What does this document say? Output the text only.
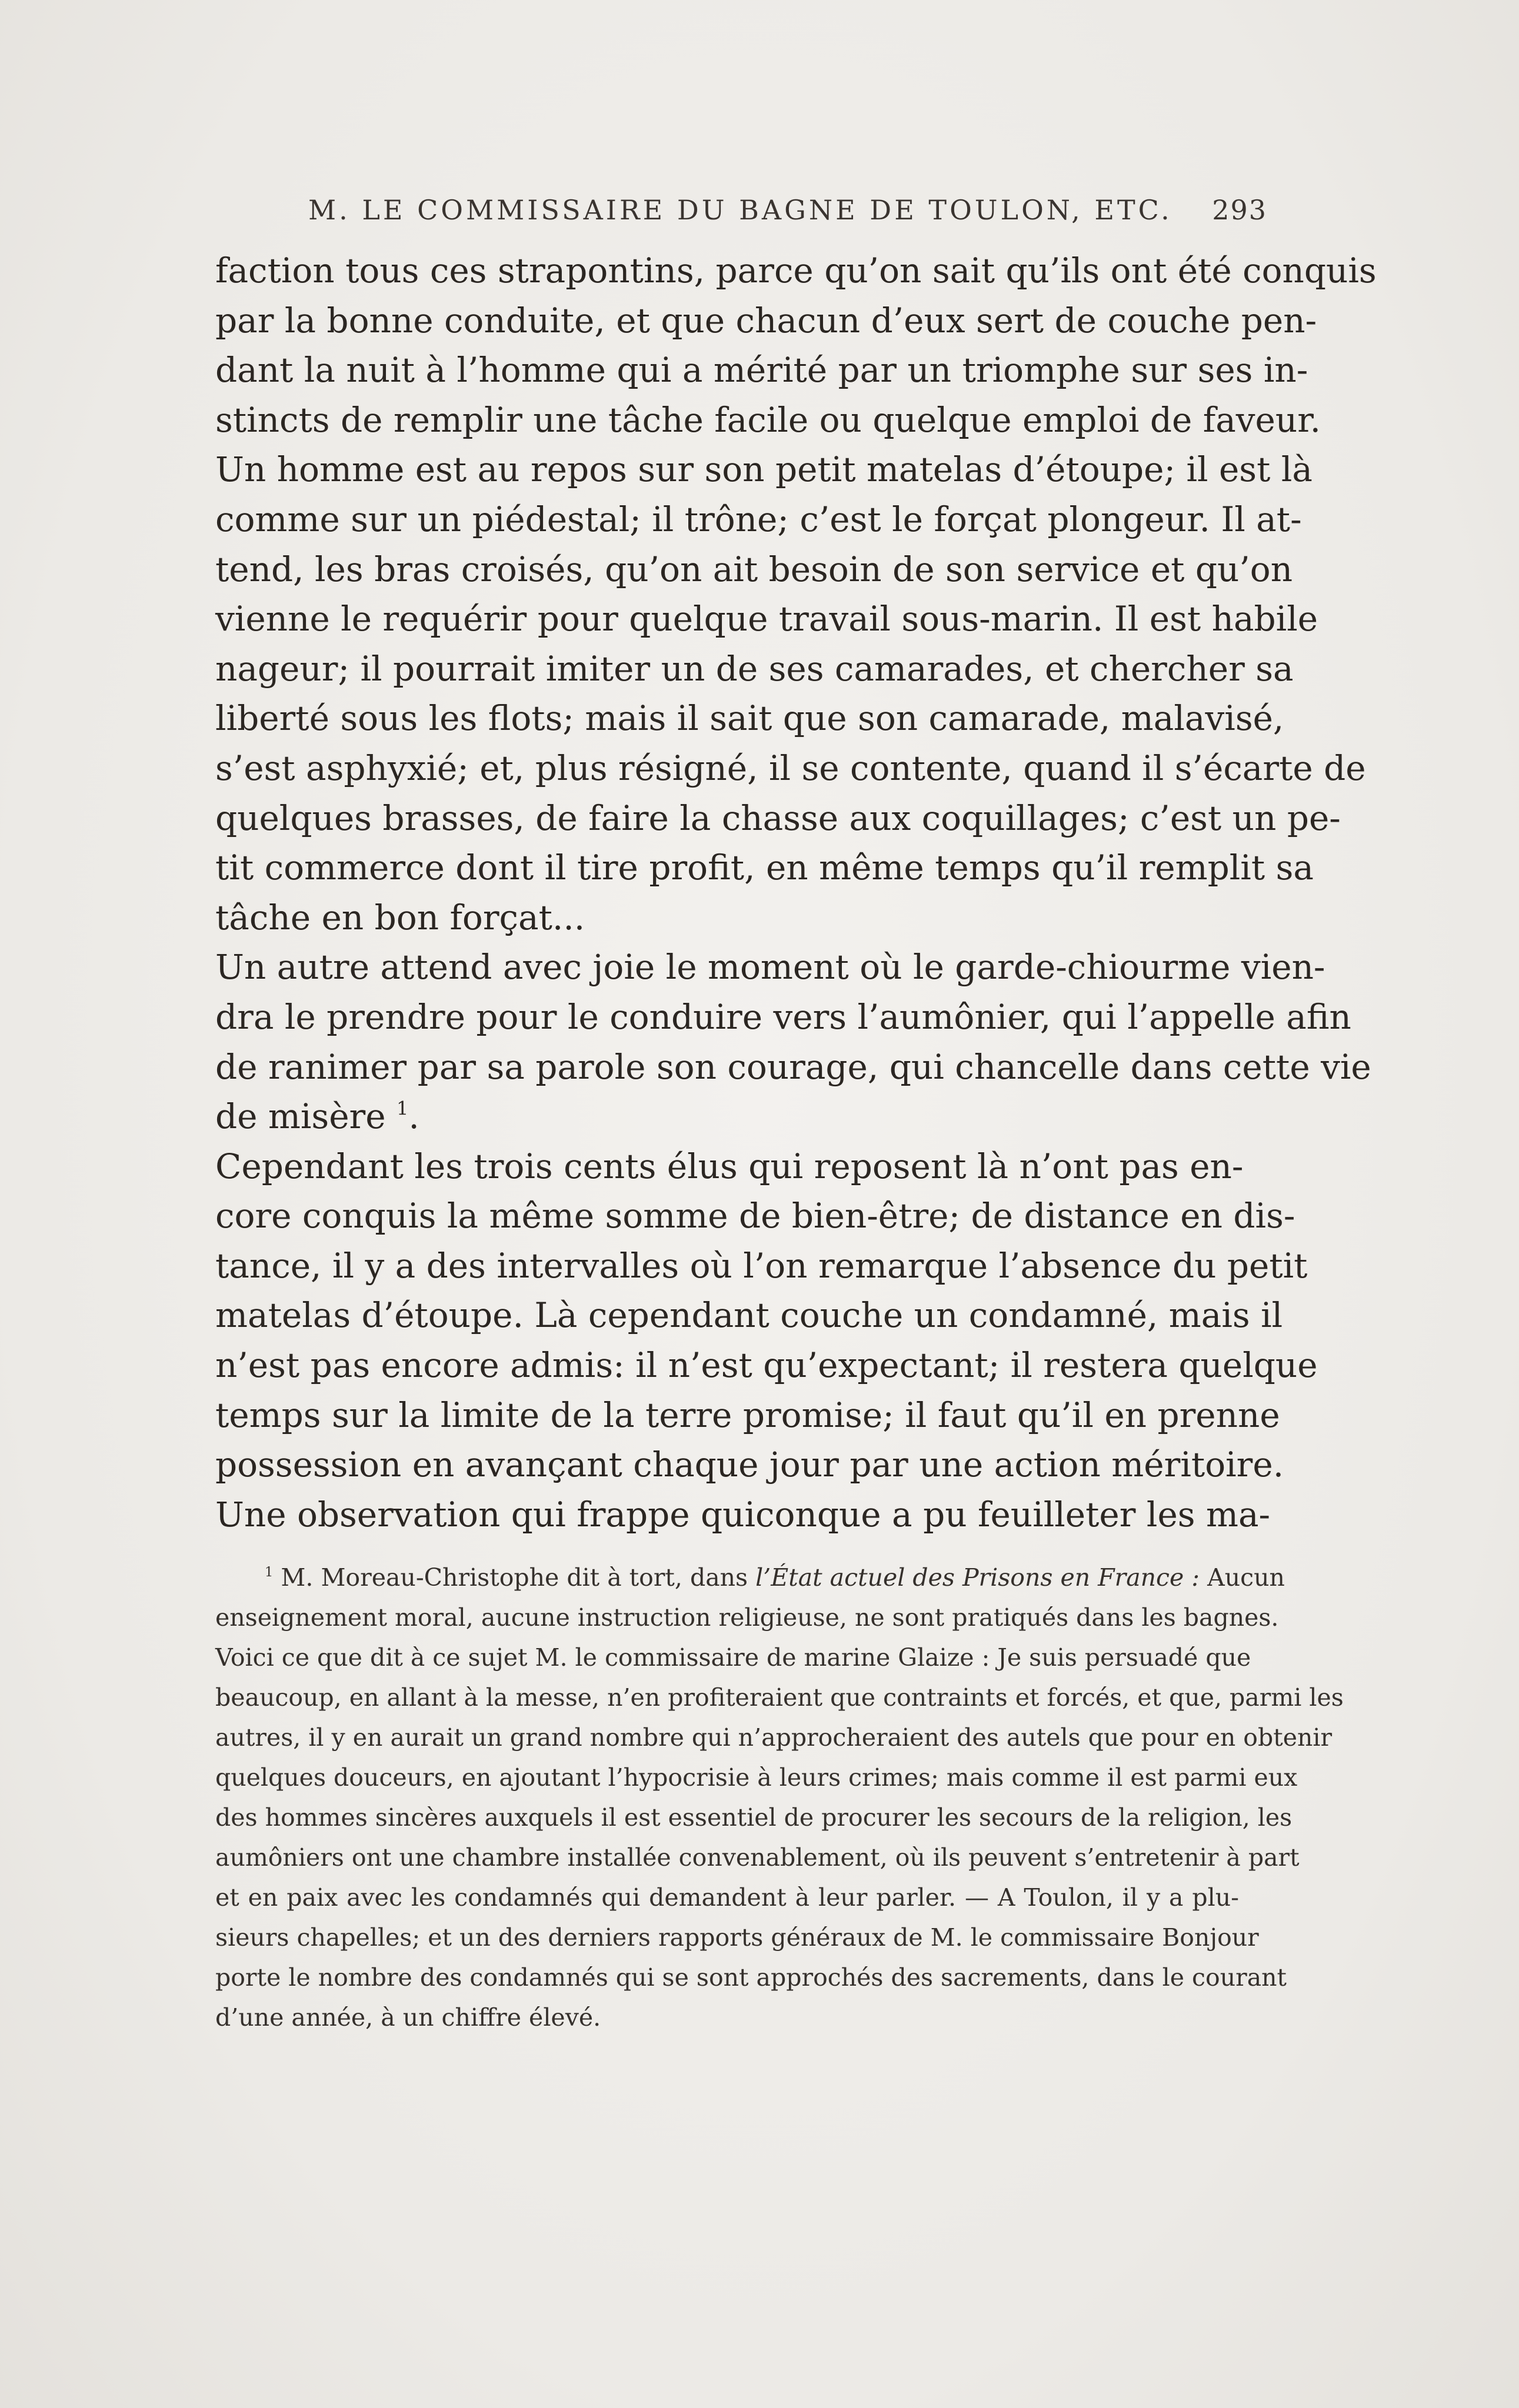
M. LE COMMISSAIRE DU BAGNE DE TOULON, ETC. 293
faction tous ces strapontins, parce qu’on sait qu’ils ont été conquis
par la bonne conduite, et que chacun d’eux sert de couche pen-
dant la nuit à l’homme qui a mérité par un triomphe sur ses in-
stincts de remplir une tâche facile ou quelque emploi de faveur.
Un homme est au repos sur son petit matelas d’étoupe; il est là
comme sur un piédestal; il trône; c’est le forçat plongeur. Il at-
tend, les bras croisés, qu’on ait besoin de son service et qu’on
vienne le requérir pour quelque travail sous-marin. Il est habile
nageur; il pourrait imiter un de ses camarades, et chercher sa
liberté sous les flots; mais il sait que son camarade, malavisé,
s’est asphyxié; et, plus résigné, il se contente, quand il s’écarte de
quelques brasses, de faire la chasse aux coquillages; c’est un pe-
tit commerce dont il tire profit, en même temps qu’il remplit sa
tâche en bon forçat...
Un autre attend avec joie le moment où le garde-chiourme vien-
dra le prendre pour le conduire vers l’aumônier, qui l’appelle afin
de ranimer par sa parole son courage, qui chancelle dans cette vie
de misère $^1$.
Cependant les trois cents élus qui reposent là n’ont pas en-
core conquis la même somme de bien-être; de distance en dis-
tance, il y a des intervalles où l’on remarque l’absence du petit
matelas d’étoupe. Là cependant couche un condamné, mais il
n’est pas encore admis: il n’est qu’expectant; il restera quelque
temps sur la limite de la terre promise; il faut qu’il en prenne
possession en avançant chaque jour par une action méritoire.
Une observation qui frappe quiconque a pu feuilleter les ma-
$^1$ M. Moreau-Christophe dit à tort, dans l’État actuel des Prisons en France : Aucun
enseignement moral, aucune instruction religieuse, ne sont pratiqués dans les bagnes.
Voici ce que dit à ce sujet M. le commissaire de marine Glaize : Je suis persuadé que
beaucoup, en allant à la messe, n’en profiteraient que contraints et forcés, et que, parmi les
autres, il y en aurait un grand nombre qui n’approcheraient des autels que pour en obtenir
quelques douceurs, en ajoutant l’hypocrisie à leurs crimes; mais comme il est parmi eux
des hommes sincères auxquels il est essentiel de procurer les secours de la religion, les
aumôniers ont une chambre installée convenablement, où ils peuvent s’entretenir à part
et en paix avec les condamnés qui demandent à leur parler. — A Toulon, il y a plu-
sieurs chapelles; et un des derniers rapports généraux de M. le commissaire Bonjour
porte le nombre des condamnés qui se sont approchés des sacrements, dans le courant
d’une année, à un chiffre élevé.
